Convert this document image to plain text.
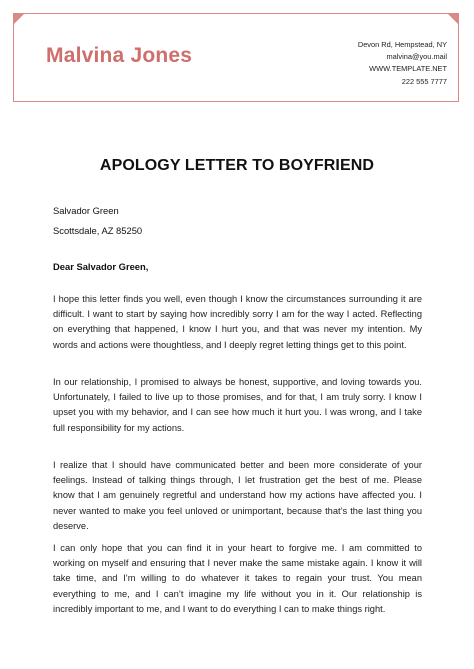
Malvina Jones	Devon Rd, Hempstead, NY
malvina@you.mail
WWW.TEMPLATE.NET
222 555 7777
APOLOGY LETTER TO BOYFRIEND
Salvador Green
Scottsdale, AZ 85250
Dear Salvador Green,
I hope this letter finds you well, even though I know the circumstances surrounding it are
difficult. I want to start by saying how incredibly sorry I am for the way I acted. Reflecting
on everything that happened, I know I hurt you, and that was never my intention. My
words and actions were thoughtless, and I deeply regret letting things get to this point.
In our relationship, I promised to always be honest, supportive, and loving towards you.
Unfortunately, I failed to live up to those promises, and for that, I am truly sorry. I know I
upset you with my behavior, and I can see how much it hurt you. I was wrong, and I take
full responsibility for my actions.
I realize that I should have communicated better and been more considerate of your
feelings. Instead of talking things through, I let frustration get the best of me. Please
know that I am genuinely regretful and understand how my actions have affected you. I
never wanted to make you feel unloved or unimportant, because that’s the last thing you
deserve.
I can only hope that you can find it in your heart to forgive me. I am committed to
working on myself and ensuring that I never make the same mistake again. I know it will
take time, and I’m willing to do whatever it takes to regain your trust. You mean
everything to me, and I can’t imagine my life without you in it. Our relationship is
incredibly important to me, and I want to do everything I can to make things right.
